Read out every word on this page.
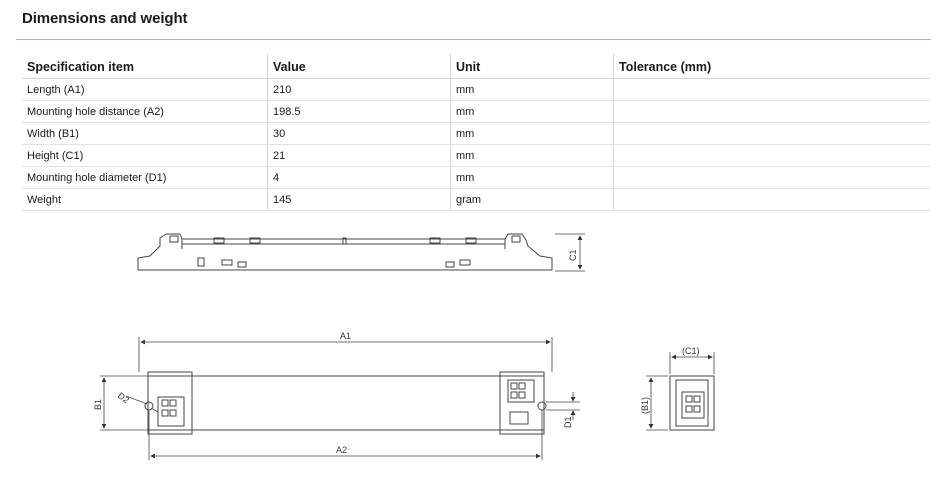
Dimensions and weight
Specification item	Value	Unit	Tolerance (mm)
Length (A1)	210	mm	
Mounting hole distance (A2)	198.5	mm	
Width (B1)	30	mm	
Height (C1)	21	mm	
Mounting hole diameter (D1)	4	mm	
Weight	145	gram	
C1
A1
A2
B1 D2
D1
(C1)
(B1)
